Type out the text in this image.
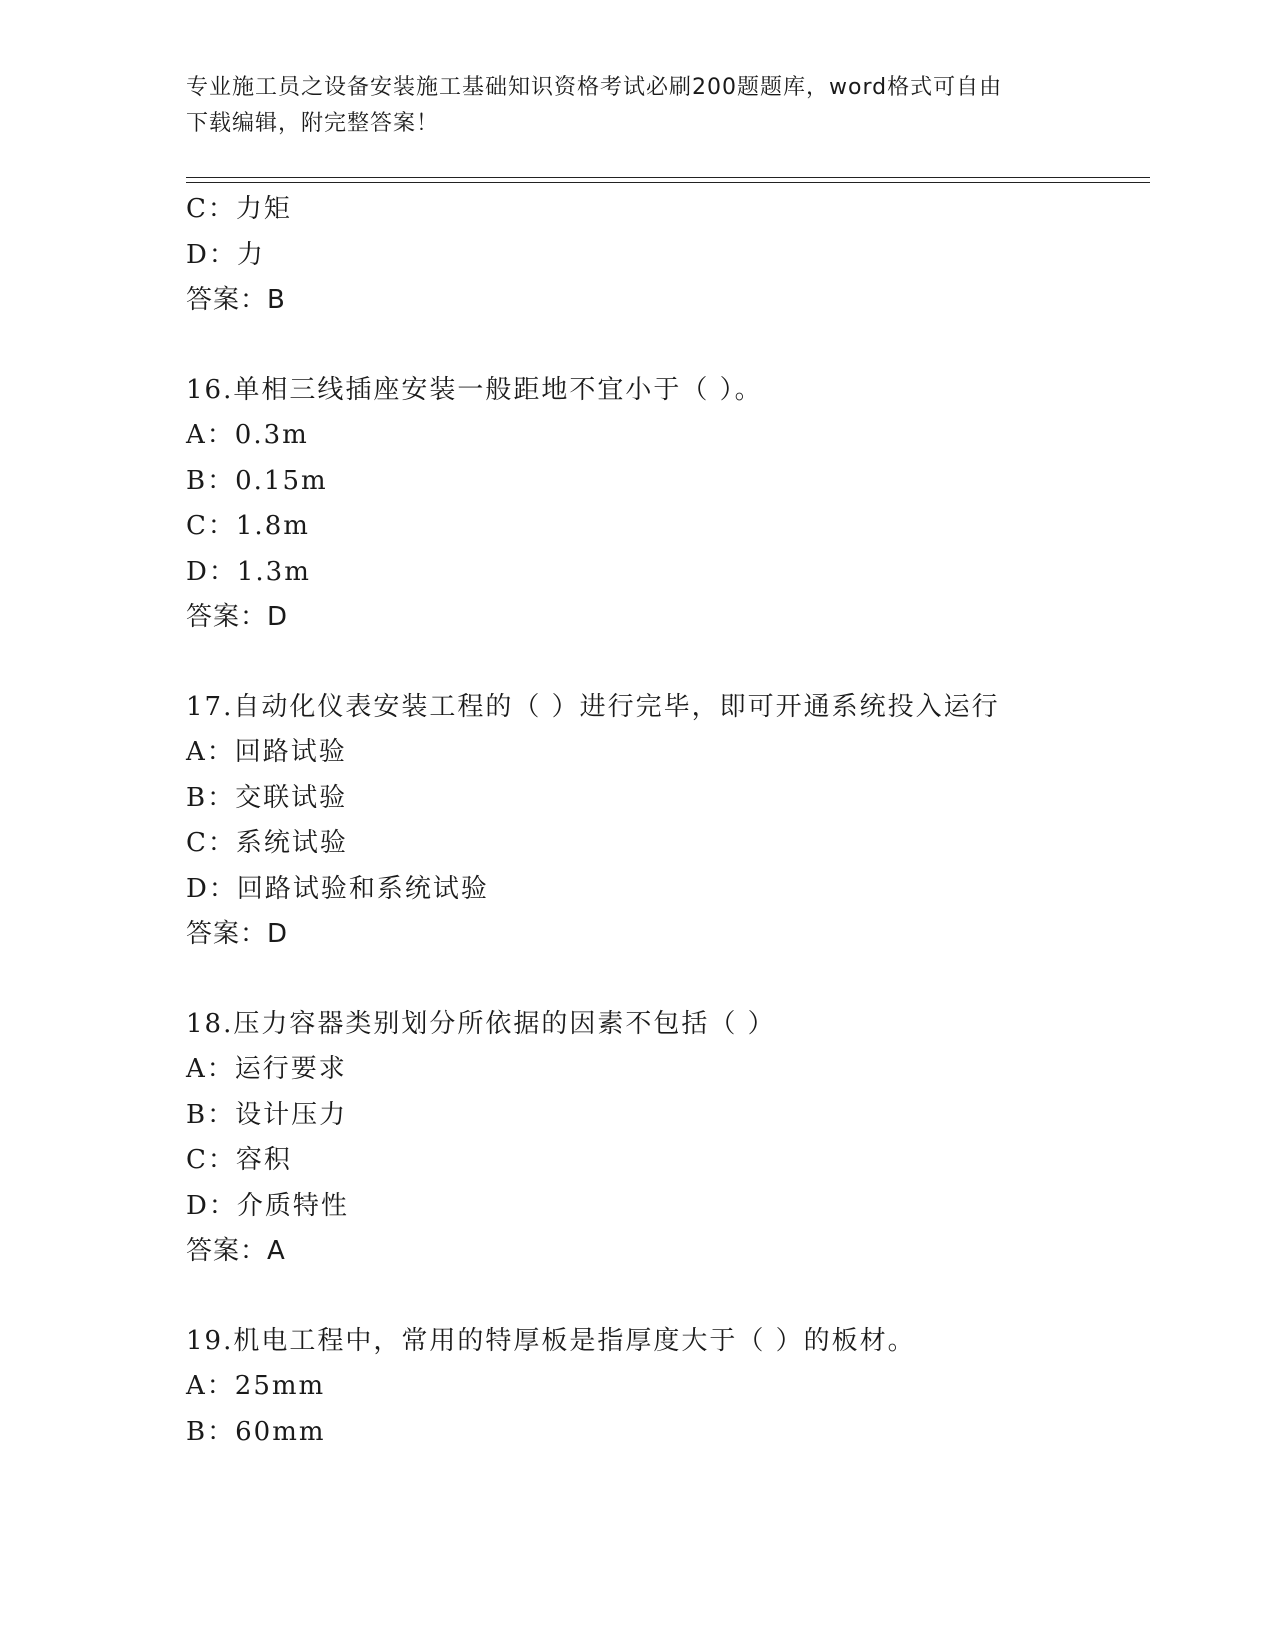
专业施工员之设备安装施工基础知识资格考试必刷200题题库，word格式可自由
下载编辑，附完整答案！
C：力矩
D：力
答案：B
16.单相三线插座安装一般距地不宜小于（ ）。
A：0.3m
B：0.15m
C：1.8m
D：1.3m
答案：D
17.自动化仪表安装工程的（ ）进行完毕，即可开通系统投入运行
A：回路试验
B：交联试验
C：系统试验
D：回路试验和系统试验
答案：D
18.压力容器类别划分所依据的因素不包括（ ）
A：运行要求
B：设计压力
C：容积
D：介质特性
答案：A
19.机电工程中，常用的特厚板是指厚度大于（ ）的板材。
A：25mm
B：60mm
